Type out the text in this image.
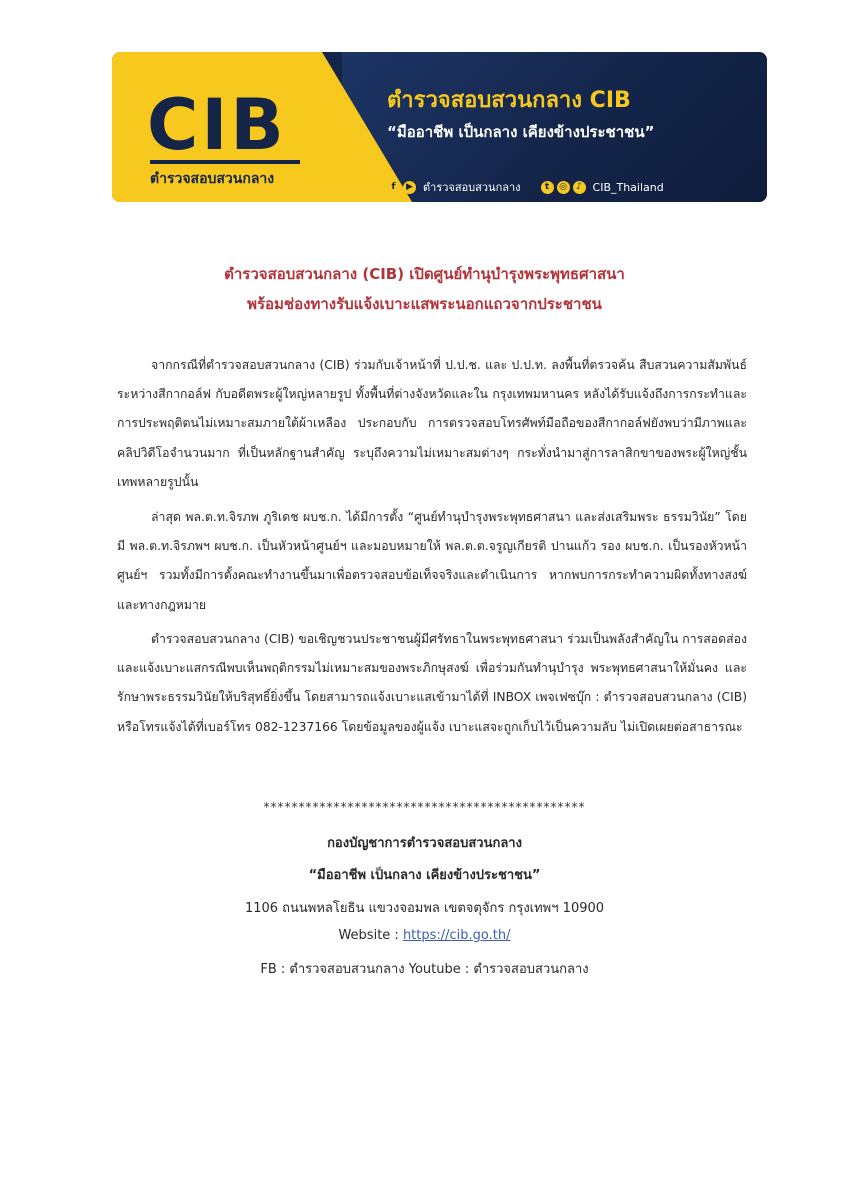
CIB
ตำรวจสอบสวนกลาง
ตำรวจสอบสวนกลาง CIB
“มืออาชีพ เป็นกลาง เคียงข้างประชาชน”
f	▶ ตำรวจสอบสวนกลาง	t	◎	♪ CIB_Thailand
ตำรวจสอบสวนกลาง (CIB) เปิดศูนย์ทำนุบำรุงพระพุทธศาสนา
พร้อมช่องทางรับแจ้งเบาะแสพระนอกแถวจากประชาชน
จากกรณีที่ตำรวจสอบสวนกลาง (CIB) ร่วมกับเจ้าหน้าที่ ป.ป.ช. และ ป.ป.ท. ลงพื้นที่ตรวจค้น สืบสวนความสัมพันธ์ระหว่างสีกากอล์ฟ กับอดีตพระผู้ใหญ่หลายรูป ทั้งพื้นที่ต่างจังหวัดและใน กรุงเทพมหานคร หลังได้รับแจ้งถึงการกระทำและการประพฤติตนไม่เหมาะสมภายใต้ผ้าเหลือง ประกอบกับ การตรวจสอบโทรศัพท์มือถือของสีกากอล์ฟยังพบว่ามีภาพและคลิปวิดีโอจำนวนมาก ที่เป็นหลักฐานสำคัญ ระบุถึงความไม่เหมาะสมต่างๆ กระทั่งนำมาสู่การลาสิกขาของพระผู้ใหญ่ชั้นเทพหลายรูปนั้น
ล่าสุด พล.ต.ท.จิรภพ ภูริเดช ผบช.ก. ได้มีการตั้ง “ศูนย์ทำนุบำรุงพระพุทธศาสนา และส่งเสริมพระ ธรรมวินัย” โดยมี พล.ต.ท.จิรภพฯ ผบช.ก. เป็นหัวหน้าศูนย์ฯ และมอบหมายให้ พล.ต.ต.จรูญเกียรติ ปานแก้ว รอง ผบช.ก. เป็นรองหัวหน้าศูนย์ฯ รวมทั้งมีการตั้งคณะทำงานขึ้นมาเพื่อตรวจสอบข้อเท็จจริงและดำเนินการ หากพบการกระทำความผิดทั้งทางสงฆ์และทางกฎหมาย
ตำรวจสอบสวนกลาง (CIB) ขอเชิญชวนประชาชนผู้มีศรัทธาในพระพุทธศาสนา ร่วมเป็นพลังสำคัญใน การสอดส่อง และแจ้งเบาะแสกรณีพบเห็นพฤติกรรมไม่เหมาะสมของพระภิกษุสงฆ์ เพื่อร่วมกันทำนุบำรุง พระพุทธศาสนาให้มั่นคง และรักษาพระธรรมวินัยให้บริสุทธิ์ยิ่งขึ้น โดยสามารถแจ้งเบาะแสเข้ามาได้ที่ INBOX เพจเฟซบุ๊ก : ตำรวจสอบสวนกลาง (CIB) หรือโทรแจ้งได้ที่เบอร์โทร 082-1237166 โดยข้อมูลของผู้แจ้ง เบาะแสจะถูกเก็บไว้เป็นความลับ ไม่เปิดเผยต่อสาธารณะ
**********************************************
กองบัญชาการตำรวจสอบสวนกลาง
“มืออาชีพ เป็นกลาง เคียงข้างประชาชน”
1106 ถนนพหลโยธิน แขวงจอมพล เขตจตุจักร กรุงเทพฯ 10900
Website : https://cib.go.th/
FB : ตำรวจสอบสวนกลาง Youtube : ตำรวจสอบสวนกลาง
